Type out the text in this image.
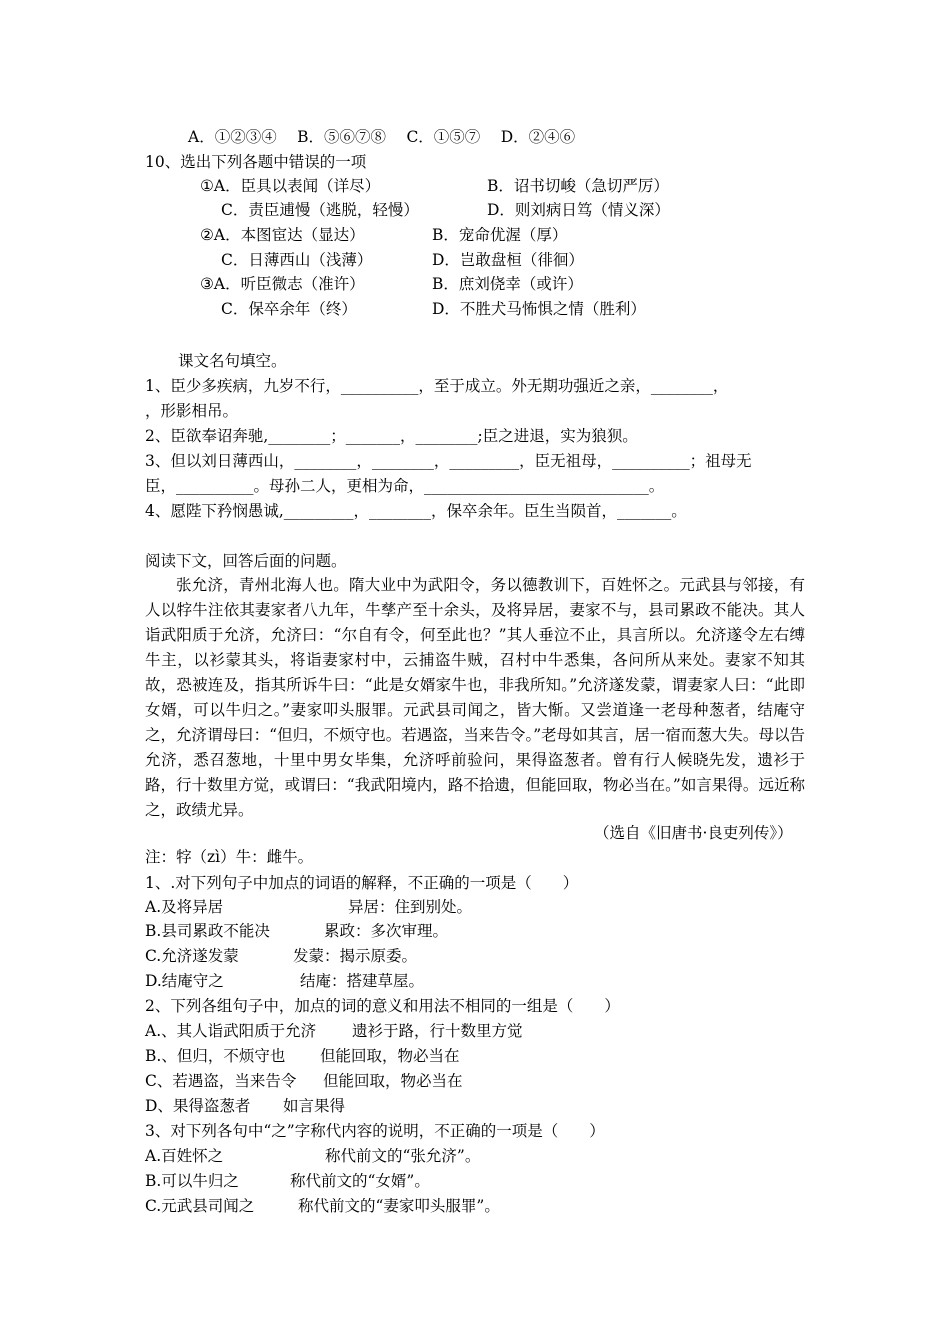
A．①②③④　 B．⑤⑥⑦⑧　 C．①⑤⑦　 D．②④⑥
10、选出下列各题中错误的一项
①A．臣具以表闻（详尽）	B．诏书切峻（急切严厉）
C．责臣逋慢（逃脱，轻慢）	D．则刘病日笃（情义深）
②A．本图宦达（显达）	B．宠命优渥（厚）
C．日薄西山（浅薄）	D．岂敢盘桓（徘徊）
③A．听臣微志（准许）	B．庶刘侥幸（或许）
C．保卒余年（终）	D．不胜犬马怖惧之情（胜利）
课文名句填空。
1、臣少多疾病，九岁不行，__________，至于成立。外无期功强近之亲，________，
，形影相吊。
2、臣欲奉诏奔驰,________；_______，________;臣之进退，实为狼狈。
3、但以刘日薄西山，________，________，_________，臣无祖母，__________；祖母无
臣，__________。母孙二人，更相为命，_____________________________。
4、愿陛下矜悯愚诚,_________，________，保卒余年。臣生当陨首，_______。
阅读下文，回答后面的问题。
张允济，青州北海人也。隋大业中为武阳令，务以德教训下，百姓怀之。元武县与邻接，有人以牸牛注依其妻家者八九年，牛孳产至十余头，及将异居，妻家不与，县司累政不能决。其人诣武阳质于允济，允济曰：“尔自有令，何至此也？”其人垂泣不止，具言所以。允济遂令左右缚牛主，以衫蒙其头，将诣妻家村中，云捕盗牛贼，召村中牛悉集，各问所从来处。妻家不知其故，恐被连及，指其所诉牛曰：“此是女婿家牛也，非我所知。”允济遂发蒙，谓妻家人曰：“此即女婿，可以牛归之。”妻家叩头服罪。元武县司闻之，皆大惭。又尝道逢一老母种葱者，结庵守之，允济谓母曰：“但归，不烦守也。若遇盗，当来告令。”老母如其言，居一宿而葱大失。母以告允济，悉召葱地，十里中男女毕集，允济呼前验问，果得盗葱者。曾有行人候晓先发，遗衫于路，行十数里方觉，或谓曰：“我武阳境内，路不拾遗，但能回取，物必当在。”如言果得。远近称之，政绩尤异。
（选自《旧唐书·良吏列传》）
注：牸（zì）牛：雌牛。
1、.对下列句子中加点的词语的解释，不正确的一项是（　　）
A.及将异居	异居：住到别处。
B.县司累政不能决	累政：多次审理。
C.允济遂发蒙	发蒙：揭示原委。
D.结庵守之	结庵：搭建草屋。
2、下列各组句子中，加点的词的意义和用法不相同的一组是（　　）
A.、其人诣武阳质于允济 遗衫于路，行十数里方觉
B.、但归，不烦守也 但能回取，物必当在
C、若遇盗，当来告令 但能回取，物必当在
D、果得盗葱者 如言果得
3、对下列各句中“之”字称代内容的说明，不正确的一项是（　　）
A.百姓怀之	称代前文的“张允济”。
B.可以牛归之	称代前文的“女婿”。
C.元武县司闻之	称代前文的“妻家叩头服罪”。
